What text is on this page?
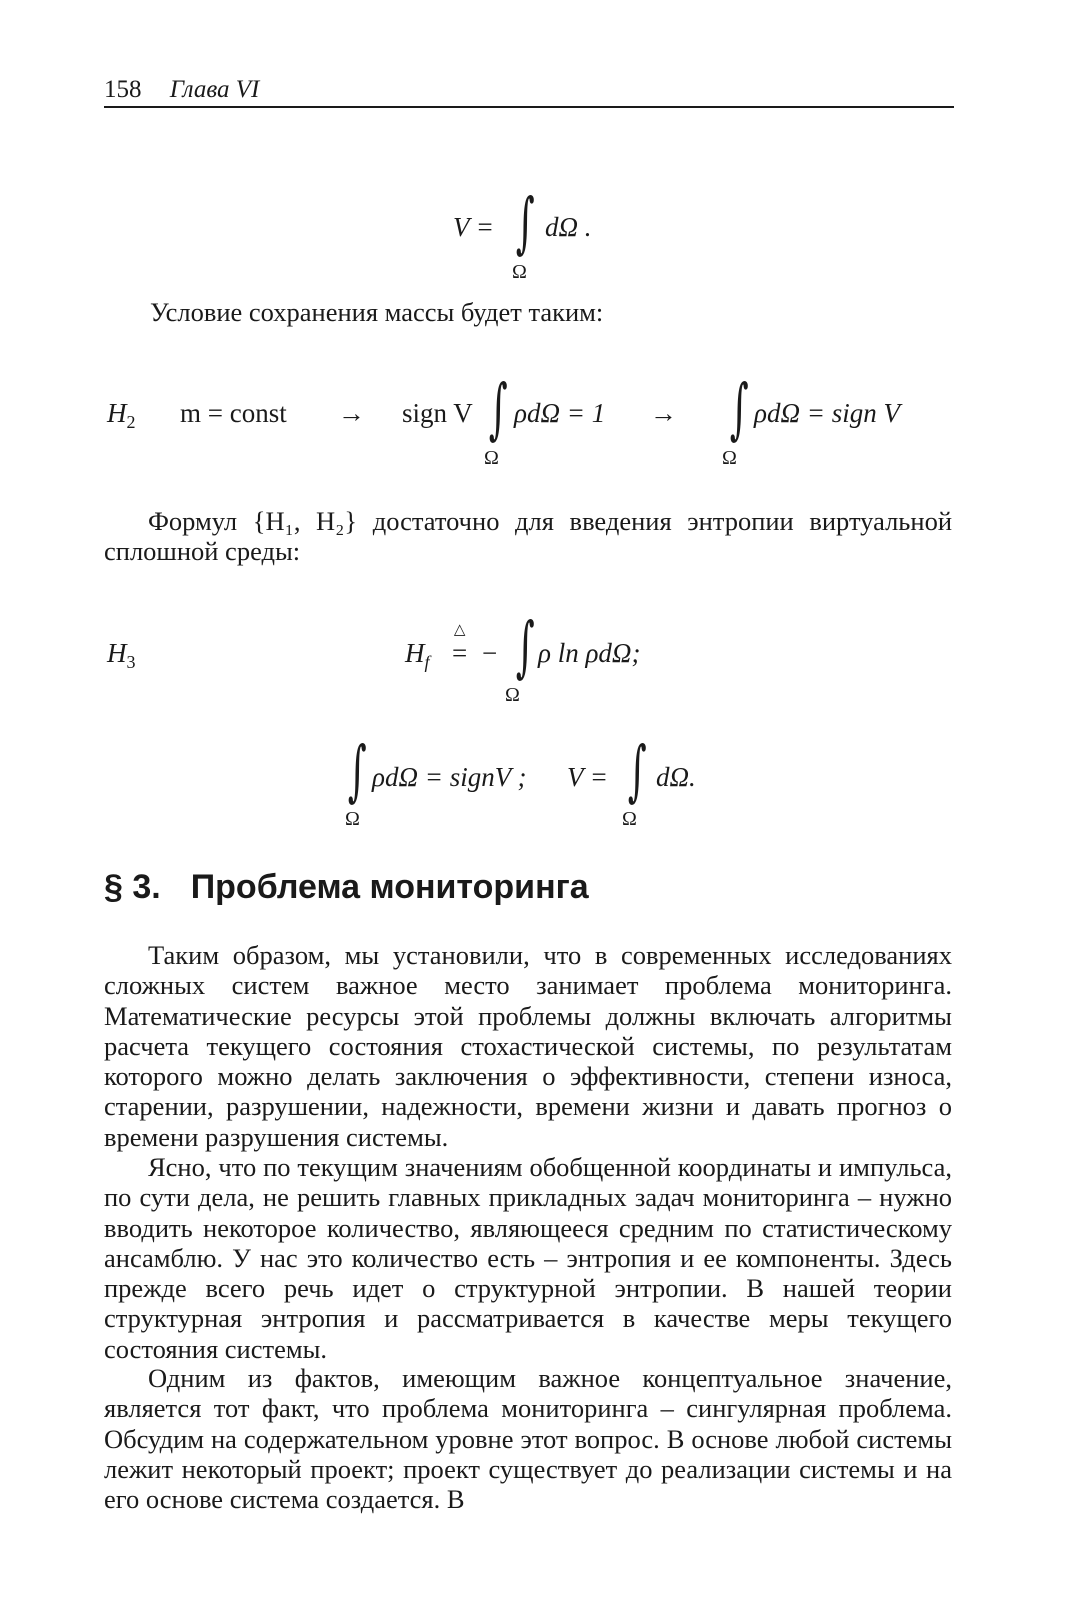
158 Глава VI
V = ∫ dΩ .
Ω
Условие сохранения массы будет таким:
$H_2$ m = const → sign V ∫
Ω
ρdΩ = 1 → ∫
Ω
ρdΩ = sign V

Формул {H₁, H₂} достаточно для введения энтропии виртуальной сплошной среды:

$H_3$	$H_f$
△
= − ∫
Ω
ρ ln ρdΩ;
∫
Ω
ρdΩ = signV ; V = ∫
Ω
dΩ.
§ 3. Проблема мониторинга

Таким образом, мы установили, что в современных исследованиях сложных систем важное место занимает проблема мониторинга. Математические ресурсы этой проблемы должны включать алгоритмы расчета текущего состояния стохастической системы, по результатам которого можно делать заключения о эффективности, степени износа, старении, разрушении, надежности, времени жизни и давать прогноз о времени разрушения системы.

Ясно, что по текущим значениям обобщенной координаты и импульса, по сути дела, не решить главных прикладных задач мониторинга – нужно вводить некоторое количество, являющееся средним по статистическому ансамблю. У нас это количество есть – энтропия и ее компоненты. Здесь прежде всего речь идет о структурной энтропии. В нашей теории структурная энтропия и рассматривается в качестве меры текущего состояния системы.

Одним из фактов, имеющим важное концептуальное значение, является тот факт, что проблема мониторинга – сингулярная проблема. Обсудим на содержательном уровне этот вопрос. В основе любой системы лежит некоторый проект; проект существует до реализации системы и на его основе система создается. В
